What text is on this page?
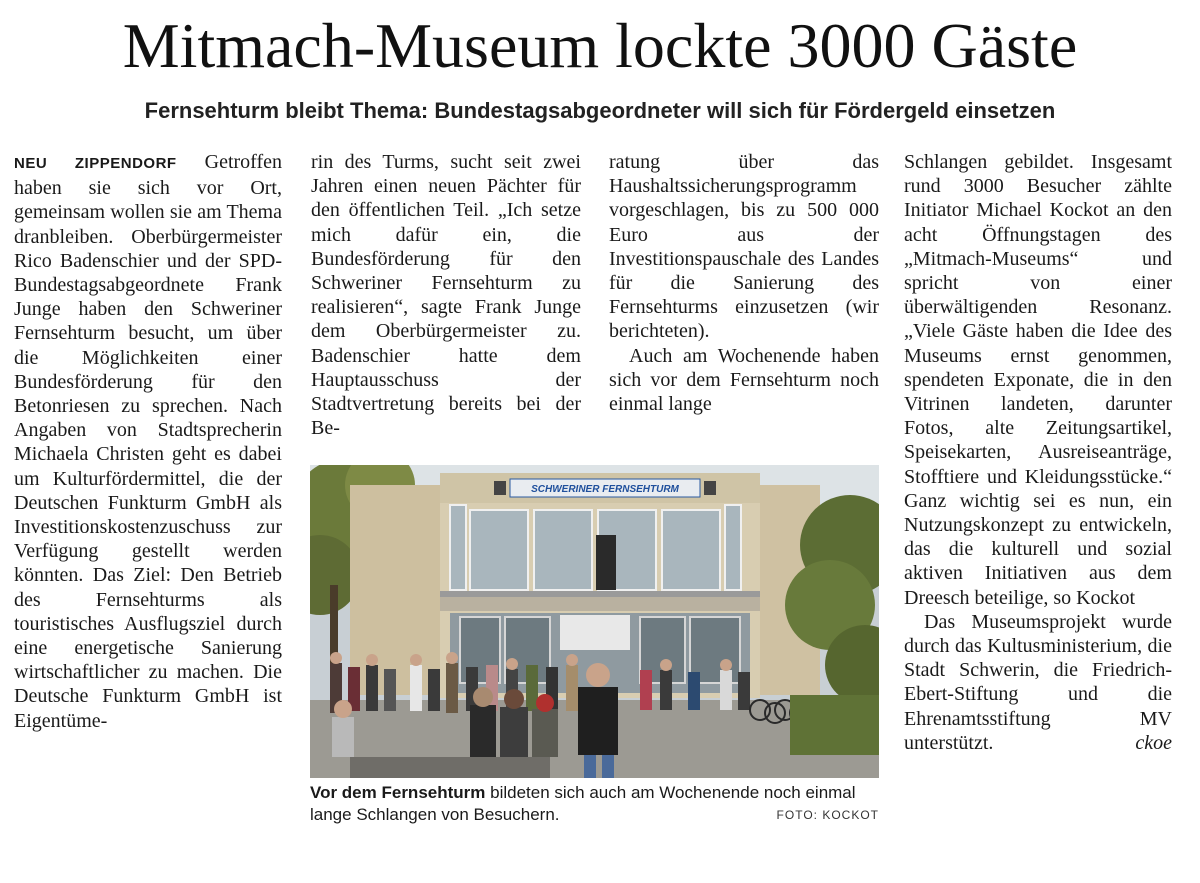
Mitmach-Museum lockte 3000 Gäste
Fernsehturm bleibt Thema: Bundestagsabgeordneter will sich für Fördergeld einsetzen

NEU ZIPPENDORF Getroffen haben sie sich vor Ort, gemeinsam wollen sie am Thema dranbleiben. Oberbürgermeister Rico Badenschier und der SPD-Bundestagsabgeordnete Frank Junge haben den Schweriner Fernsehturm besucht, um über die Möglichkeiten einer Bundesförderung für den Betonriesen zu sprechen. Nach Angaben von Stadtsprecherin Michaela Christen geht es dabei um Kulturfördermittel, die der Deutschen Funkturm GmbH als Investitionskostenzuschuss zur Verfügung gestellt werden könnten. Das Ziel: Den Betrieb des Fernsehturms als touristisches Ausflugsziel durch eine energetische Sanierung wirtschaftlicher zu machen. Die Deutsche Funkturm GmbH ist Eigentüme-

rin des Turms, sucht seit zwei Jahren einen neuen Pächter für den öffentlichen Teil. „Ich setze mich dafür ein, die Bundesförderung für den Schweriner Fernsehturm zu realisieren“, sagte Frank Junge dem Oberbürgermeister zu. Badenschier hatte dem Hauptausschuss der Stadtvertretung bereits bei der Be-

ratung über das Haushaltssicherungsprogramm vorgeschlagen, bis zu 500 000 Euro aus der Investitionspauschale des Landes für die Sanierung des Fernsehturms einzusetzen (wir berichteten).

Auch am Wochenende haben sich vor dem Fernsehturm noch einmal lange

Schlangen gebildet. Insgesamt rund 3000 Besucher zählte Initiator Michael Kockot an den acht Öffnungstagen des „Mitmach-Museums“ und spricht von einer überwältigenden Resonanz. „Viele Gäste haben die Idee des Museums ernst genommen, spendeten Exponate, die in den Vitrinen landeten, darunter Fotos, alte Zeitungsartikel, Speisekarten, Ausreiseanträge, Stofftiere und Kleidungsstücke.“ Ganz wichtig sei es nun, ein Nutzungskonzept zu entwickeln, das die kulturell und sozial aktiven Initiativen aus dem Dreesch beteilige, so Kockot

Das Museumsprojekt wurde durch das Kultusministerium, die Stadt Schwerin, die Friedrich-Ebert-Stiftung und die Ehrenamtsstiftung MV unterstützt.	ckoe

SCHWERINER FERNSEHTURM
Vor dem Fernsehturm bildeten sich auch am Wochenende noch einmal lange Schlangen von Besuchern.	FOTO: KOCKOT
